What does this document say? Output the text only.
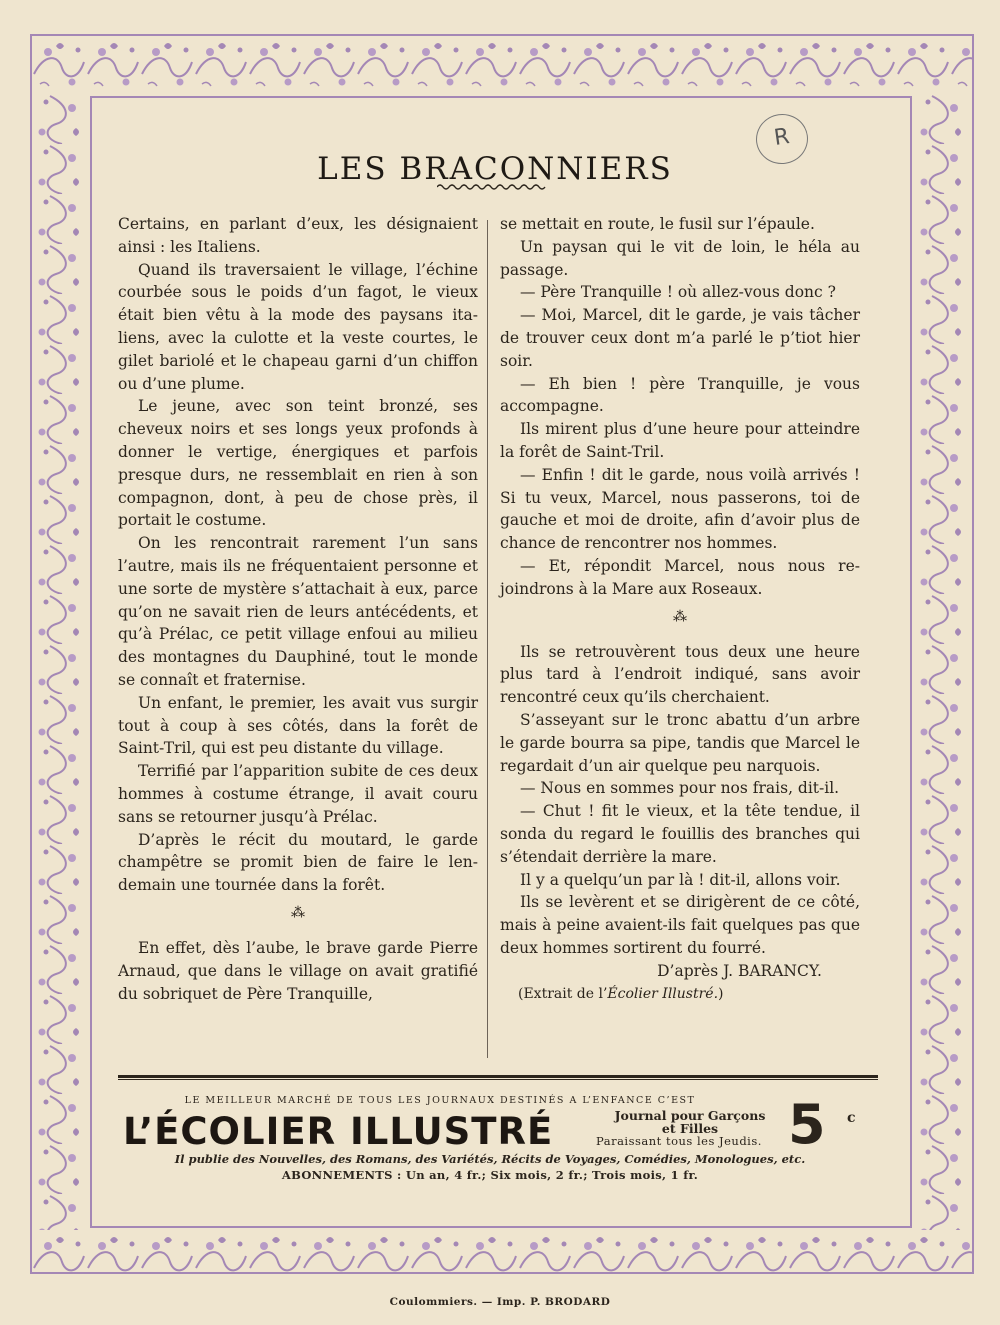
LES BRACONNIERS
R

Certains, en parlant d’eux, les désignaient ainsi : les Italiens.

Quand ils traversaient le village, l’échine courbée sous le poids d’un fagot, le vieux était bien vêtu à la mode des paysans italiens, avec la culotte et la veste courtes, le gilet bariolé et le chapeau garni d’un chiffon ou d’une plume.

Le jeune, avec son teint bronzé, ses cheveux noirs et ses longs yeux profonds à donner le vertige, énergiques et parfois presque durs, ne ressemblait en rien à son compagnon, dont, à peu de chose près, il portait le costume.

On les rencontrait rarement l’un sans l’autre, mais ils ne fréquentaient personne et une sorte de mystère s’attachait à eux, parce qu’on ne savait rien de leurs antécédents, et qu’à Prélac, ce petit village enfoui au milieu des montagnes du Dauphiné, tout le monde se connaît et fraternise.

Un enfant, le premier, les avait vus surgir tout à coup à ses côtés, dans la forêt de Saint-Tril, qui est peu distante du village.

Terrifié par l’apparition subite de ces deux hommes à costume étrange, il avait couru sans se retourner jusqu’à Prélac.

D’après le récit du moutard, le garde champêtre se promit bien de faire le lendemain une tournée dans la forêt.

⁂

En effet, dès l’aube, le brave garde Pierre Arnaud, que dans le village on avait gratifié du sobriquet de Père Tranquille,

se mettait en route, le fusil sur l’épaule.

Un paysan qui le vit de loin, le héla au passage.

— Père Tranquille ! où allez-vous donc ?

— Moi, Marcel, dit le garde, je vais tâcher de trouver ceux dont m’a parlé le p’tiot hier soir.

— Eh bien ! père Tranquille, je vous accompagne.

Ils mirent plus d’une heure pour atteindre la forêt de Saint-Tril.

— Enfin ! dit le garde, nous voilà arrivés ! Si tu veux, Marcel, nous passerons, toi de gauche et moi de droite, afin d’avoir plus de chance de rencontrer nos hommes.

— Et, répondit Marcel, nous nous rejoindrons à la Mare aux Roseaux.

⁂

Ils se retrouvèrent tous deux une heure plus tard à l’endroit indiqué, sans avoir rencontré ceux qu’ils cherchaient.

S’asseyant sur le tronc abattu d’un arbre le garde bourra sa pipe, tandis que Marcel le regardait d’un air quelque peu narquois.

— Nous en sommes pour nos frais, dit-il.

— Chut ! fit le vieux, et la tête tendue, il sonda du regard le fouillis des branches qui s’étendait derrière la mare.

Il y a quelqu’un par là ! dit-il, allons voir.

Ils se levèrent et se dirigèrent de ce côté, mais à peine avaient-ils fait quelques pas que deux hommes sortirent du fourré.

D’après J. BARANCY.

(Extrait de l’Écolier Illustré.)

LE MEILLEUR MARCHÉ DE TOUS LES JOURNAUX DESTINÉS A L’ENFANCE C’EST
L’ÉCOLIER ILLUSTRÉ	Journal pour Garçons
et Filles
Paraissant tous les Jeudis. 5 c
Il publie des Nouvelles, des Romans, des Variétés, Récits de Voyages, Comédies, Monologues, etc.
ABONNEMENTS : Un an, 4 fr.; Six mois, 2 fr.; Trois mois, 1 fr.
Coulommiers. — Imp. P. BRODARD
